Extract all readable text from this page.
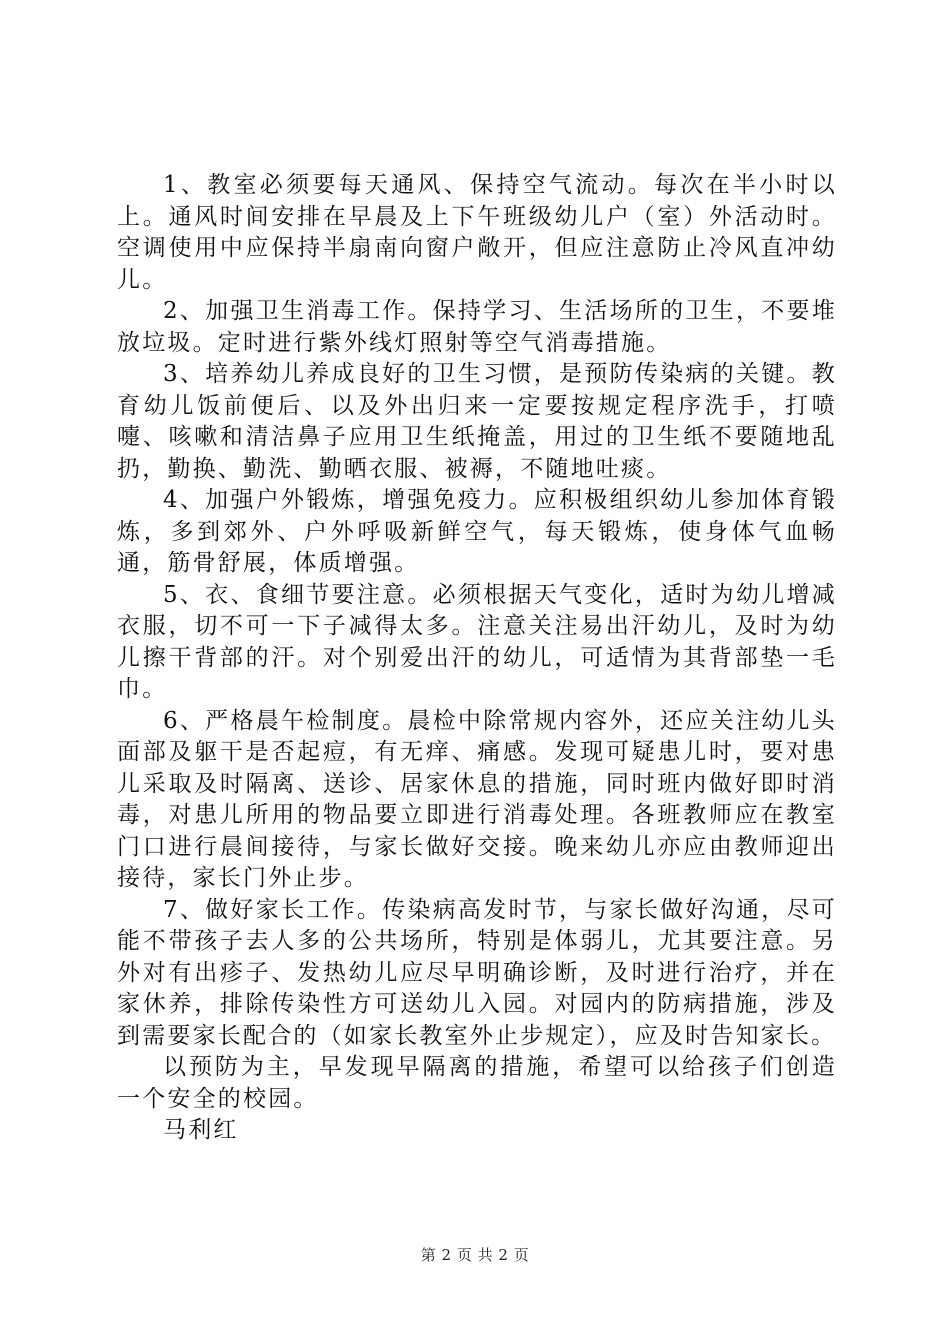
1、教室必须要每天通风、保持空气流动。每次在半小时以上。通风时间安排在早晨及上下午班级幼儿户（室）外活动时。空调使用中应保持半扇南向窗户敞开，但应注意防止冷风直冲幼儿。

2、加强卫生消毒工作。保持学习、生活场所的卫生，不要堆放垃圾。定时进行紫外线灯照射等空气消毒措施。

3、培养幼儿养成良好的卫生习惯，是预防传染病的关键。教育幼儿饭前便后、以及外出归来一定要按规定程序洗手，打喷嚏、咳嗽和清洁鼻子应用卫生纸掩盖，用过的卫生纸不要随地乱扔，勤换、勤洗、勤晒衣服、被褥，不随地吐痰。

4、加强户外锻炼，增强免疫力。应积极组织幼儿参加体育锻炼，多到郊外、户外呼吸新鲜空气，每天锻炼，使身体气血畅通，筋骨舒展，体质增强。

5、衣、食细节要注意。必须根据天气变化，适时为幼儿增减衣服，切不可一下子减得太多。注意关注易出汗幼儿，及时为幼儿擦干背部的汗。对个别爱出汗的幼儿，可适情为其背部垫一毛巾。

6、严格晨午检制度。晨检中除常规内容外，还应关注幼儿头面部及躯干是否起痘，有无痒、痛感。发现可疑患儿时，要对患儿采取及时隔离、送诊、居家休息的措施，同时班内做好即时消毒，对患儿所用的物品要立即进行消毒处理。各班教师应在教室门口进行晨间接待，与家长做好交接。晚来幼儿亦应由教师迎出接待，家长门外止步。

7、做好家长工作。传染病高发时节，与家长做好沟通，尽可能不带孩子去人多的公共场所，特别是体弱儿，尤其要注意。另外对有出疹子、发热幼儿应尽早明确诊断，及时进行治疗，并在家休养，排除传染性方可送幼儿入园。对园内的防病措施，涉及到需要家长配合的（如家长教室外止步规定），应及时告知家长。

以预防为主，早发现早隔离的措施，希望可以给孩子们创造一个安全的校园。

马利红

第 2 页 共 2 页
